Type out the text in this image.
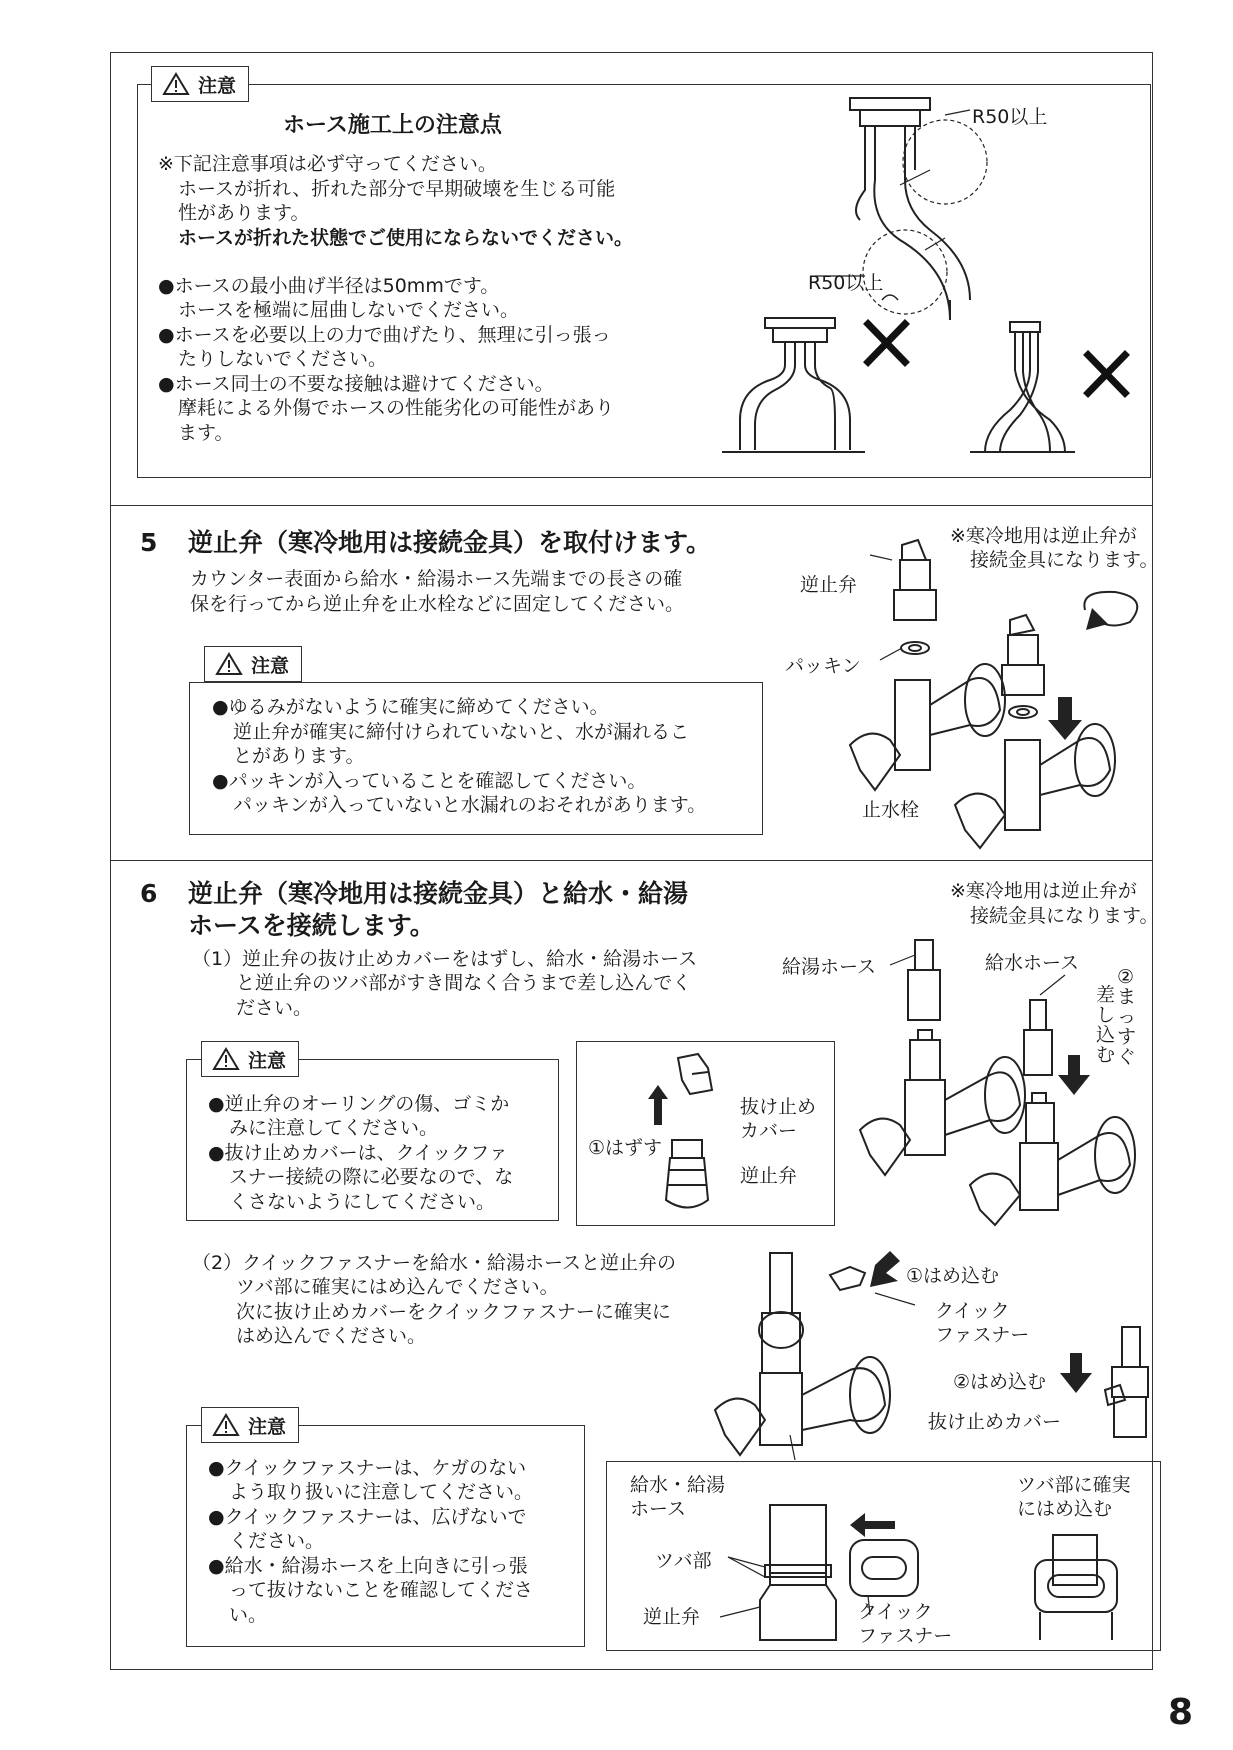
注意
ホース施工上の注意点
※下記注意事項は必ず守ってください。
ホースが折れ、折れた部分で早期破壊を生じる可能
性があります。
ホースが折れた状態でご使用にならないでください。
●ホースの最小曲げ半径は50mmです。
ホースを極端に屈曲しないでください。
●ホースを必要以上の力で曲げたり、無理に引っ張っ
たりしないでください。
●ホース同士の不要な接触は避けてください。
摩耗による外傷でホースの性能劣化の可能性があり
ます。
R50以上
R50以上
5 逆止弁（寒冷地用は接続金具）を取付けます。
カウンター表面から給水・給湯ホース先端までの長さの確
保を行ってから逆止弁を止水栓などに固定してください。
※寒冷地用は逆止弁が
接続金具になります。
注意
●ゆるみがないように確実に締めてください。
逆止弁が確実に締付けられていないと、水が漏れるこ
とがあります。
●パッキンが入っていることを確認してください。
パッキンが入っていないと水漏れのおそれがあります。
逆止弁
パッキン
止水栓
6 逆止弁（寒冷地用は接続金具）と給水・給湯
ホースを接続します。
※寒冷地用は逆止弁が
接続金具になります。
（1）逆止弁の抜け止めカバーをはずし、給水・給湯ホース
と逆止弁のツバ部がすき間なく合うまで差し込んでく
ださい。
注意
●逆止弁のオーリングの傷、ゴミか
みに注意してください。
●抜け止めカバーは、クイックファ
スナー接続の際に必要なので、な
くさないようにしてください。
①はずす
抜け止め
カバー
逆止弁
給湯ホース	給水ホース
②
ま
っ
す
ぐ
差
し
込
む
（2）クイックファスナーを給水・給湯ホースと逆止弁の
ツバ部に確実にはめ込んでください。
次に抜け止めカバーをクイックファスナーに確実に
はめ込んでください。
①はめ込む
クイック
ファスナー
②はめ込む
抜け止めカバー
注意
●クイックファスナーは、ケガのない
よう取り扱いに注意してください。
●クイックファスナーは、広げないで
ください。
●給水・給湯ホースを上向きに引っ張
って抜けないことを確認してくださ
い。
給水・給湯
ホース
ツバ部
逆止弁	クイック
ファスナー
ツバ部に確実
にはめ込む
8
